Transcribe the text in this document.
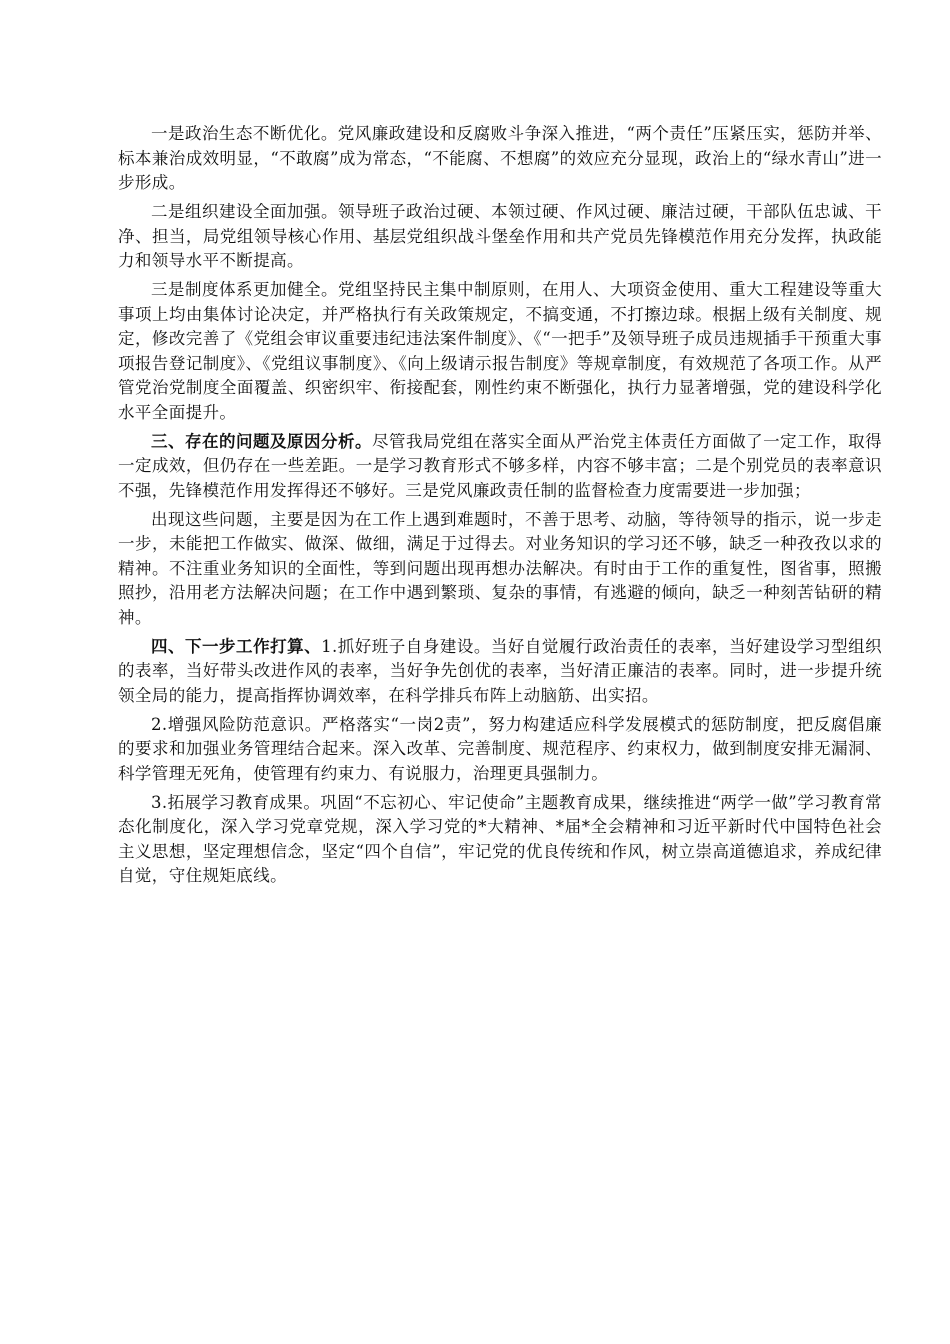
一是政治生态不断优化。党风廉政建设和反腐败斗争深入推进，“两个责任”压紧压实，惩防并举、标本兼治成效明显，“不敢腐”成为常态，“不能腐、不想腐”的效应充分显现，政治上的“绿水青山”进一步形成。

二是组织建设全面加强。领导班子政治过硬、本领过硬、作风过硬、廉洁过硬，干部队伍忠诚、干净、担当，局党组领导核心作用、基层党组织战斗堡垒作用和共产党员先锋模范作用充分发挥，执政能力和领导水平不断提高。

三是制度体系更加健全。党组坚持民主集中制原则，在用人、大项资金使用、重大工程建设等重大事项上均由集体讨论决定，并严格执行有关政策规定，不搞变通，不打擦边球。根据上级有关制度、规定，修改完善了《党组会审议重要违纪违法案件制度》、《“一把手”及领导班子成员违规插手干预重大事项报告登记制度》、《党组议事制度》、《向上级请示报告制度》等规章制度，有效规范了各项工作。从严管党治党制度全面覆盖、织密织牢、衔接配套，刚性约束不断强化，执行力显著增强，党的建设科学化水平全面提升。

三、存在的问题及原因分析。尽管我局党组在落实全面从严治党主体责任方面做了一定工作，取得一定成效，但仍存在一些差距。一是学习教育形式不够多样，内容不够丰富；二是个别党员的表率意识不强，先锋模范作用发挥得还不够好。三是党风廉政责任制的监督检查力度需要进一步加强；

出现这些问题，主要是因为在工作上遇到难题时，不善于思考、动脑，等待领导的指示，说一步走一步，未能把工作做实、做深、做细，满足于过得去。对业务知识的学习还不够，缺乏一种孜孜以求的精神。不注重业务知识的全面性，等到问题出现再想办法解决。有时由于工作的重复性，图省事，照搬照抄，沿用老方法解决问题；在工作中遇到繁琐、复杂的事情，有逃避的倾向，缺乏一种刻苦钻研的精神。

四、下一步工作打算、1.抓好班子自身建设。当好自觉履行政治责任的表率，当好建设学习型组织的表率，当好带头改进作风的表率，当好争先创优的表率，当好清正廉洁的表率。同时，进一步提升统领全局的能力，提高指挥协调效率，在科学排兵布阵上动脑筋、出实招。

2.增强风险防范意识。严格落实“一岗2责”，努力构建适应科学发展模式的惩防制度，把反腐倡廉的要求和加强业务管理结合起来。深入改革、完善制度、规范程序、约束权力，做到制度安排无漏洞、科学管理无死角，使管理有约束力、有说服力，治理更具强制力。

3.拓展学习教育成果。巩固“不忘初心、牢记使命”主题教育成果，继续推进“两学一做”学习教育常态化制度化，深入学习党章党规，深入学习党的*大精神、*届*全会精神和习近平新时代中国特色社会主义思想，坚定理想信念，坚定“四个自信”，牢记党的优良传统和作风，树立崇高道德追求，养成纪律自觉，守住规矩底线。
